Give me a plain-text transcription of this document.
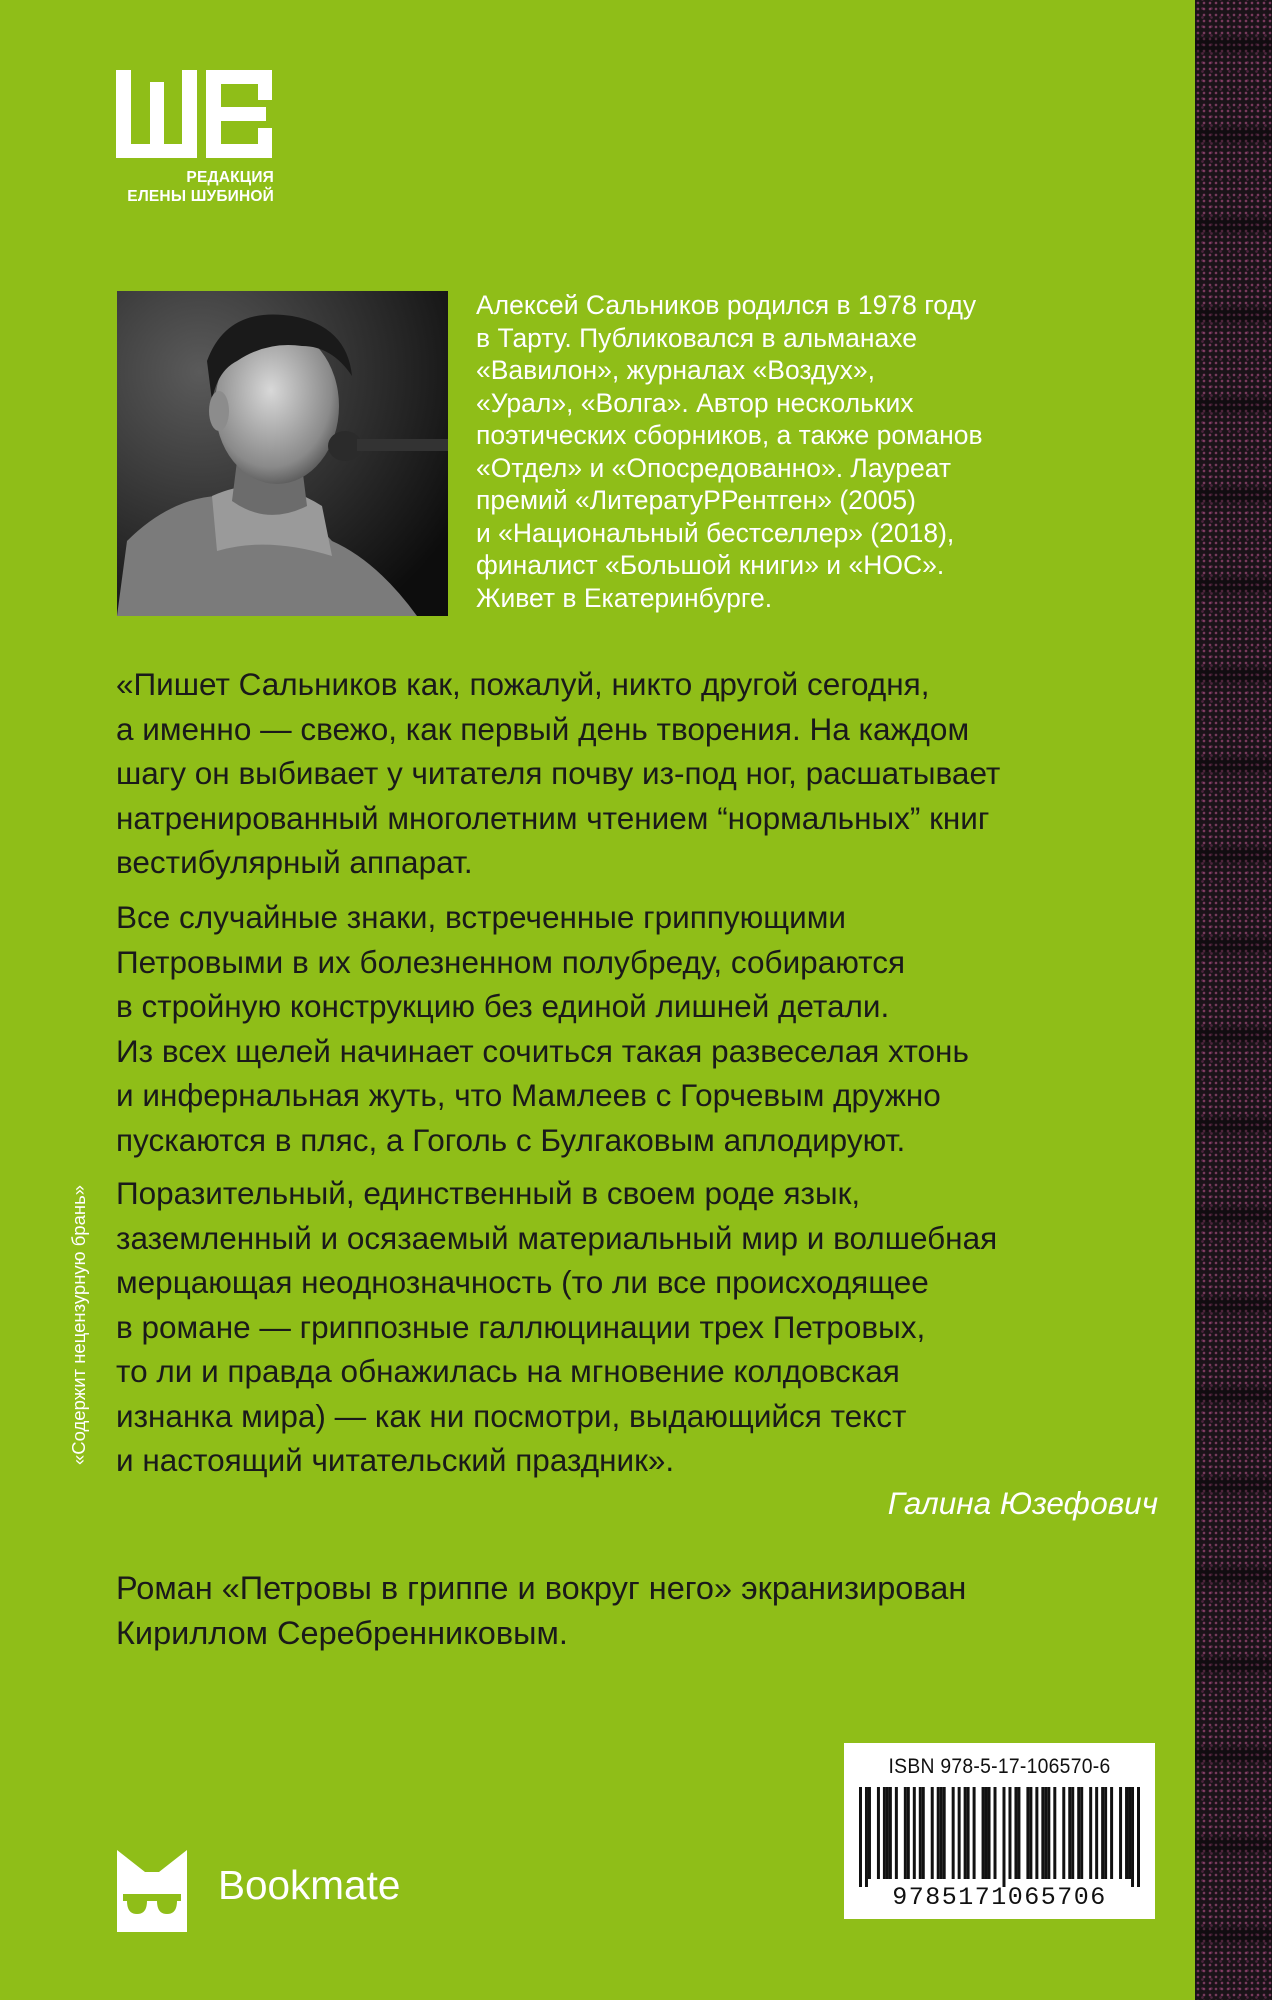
РЕДАКЦИЯ
ЕЛЕНЫ ШУБИНОЙ
Алексей Сальников родился в 1978 году
в Тарту. Публиковался в альманахе
«Вавилон», журналах «Воздух»,
«Урал», «Волга». Автор нескольких
поэтических сборников, а также романов
«Отдел» и «Опосредованно». Лауреат
премий «ЛитератуРРентген» (2005)
и «Национальный бестселлер» (2018),
финалист «Большой книги» и «НОС».
Живет в Екатеринбурге.
«Пишет Сальников как, пожалуй, никто другой сегодня,
а именно — свежо, как первый день творения. На каждом
шагу он выбивает у читателя почву из-под ног, расшатывает
натренированный многолетним чтением “нормальных” книг
вестибулярный аппарат.
Все случайные знаки, встреченные гриппующими
Петровыми в их болезненном полубреду, собираются
в стройную конструкцию без единой лишней детали.
Из всех щелей начинает сочиться такая развеселая хтонь
и инфернальная жуть, что Мамлеев с Горчевым дружно
пускаются в пляс, а Гоголь с Булгаковым аплодируют.
Поразительный, единственный в своем роде язык,
заземленный и осязаемый материальный мир и волшебная
мерцающая неоднозначность (то ли все происходящее
в романе — гриппозные галлюцинации трех Петровых,
то ли и правда обнажилась на мгновение колдовская
изнанка мира) — как ни посмотри, выдающийся текст
и настоящий читательский праздник».
Галина Юзефович
Роман «Петровы в гриппе и вокруг него» экранизирован
Кириллом Серебренниковым.
«Содержит нецензурную брань»
ISBN 978-5-17-106570-6
9785171065706
Bookmate
